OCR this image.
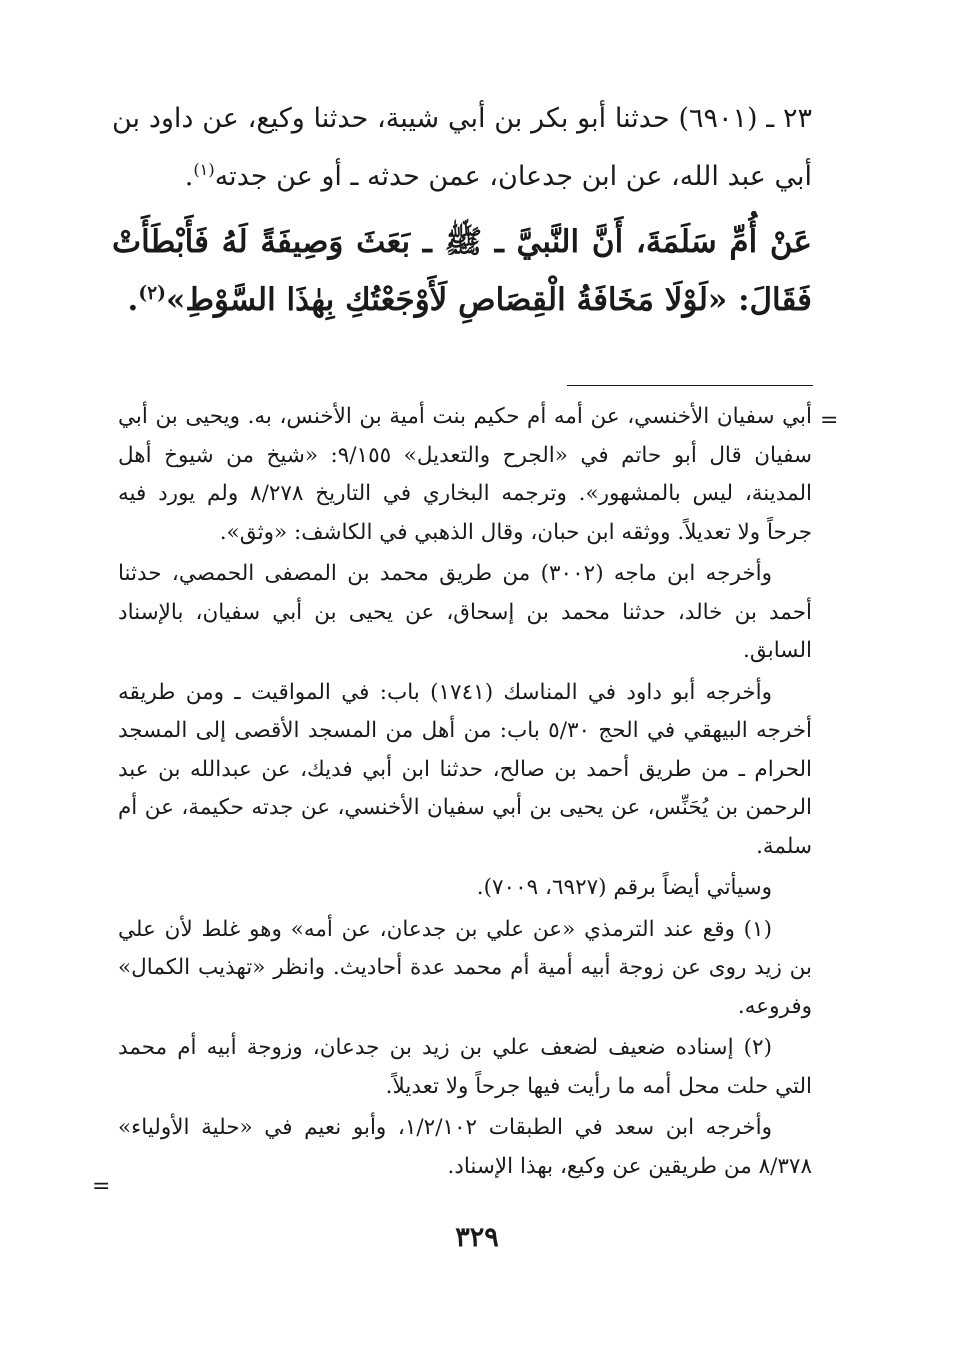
٢٣ ـ (٦٩٠١) حدثنا أبو بكر بن أبي شيبة، حدثنا وكيع، عن داود بن أبي عبد الله، عن ابن جدعان، عمن حدثه ـ أو عن جدته$^{(١)}$.

عَنْ أُمِّ سَلَمَةَ، أَنَّ النَّبيَّ ـ ﷺ ـ بَعَثَ وَصِيفَةً لَهُ فَأَبْطَأَتْ فَقَالَ: «لَوْلَا مَخَافَةُ الْقِصَاصِ لَأَوْجَعْتُكِ بِهٰذَا السَّوْطِ»$^{(٢)}$.

=

أبي سفيان الأخنسي، عن أمه أم حكيم بنت أمية بن الأخنس، به. ويحيى بن أبي سفيان قال أبو حاتم في «الجرح والتعديل» ٩/١٥٥: «شيخ من شيوخ أهل المدينة، ليس بالمشهور». وترجمه البخاري في التاريخ ٨/٢٧٨ ولم يورد فيه جرحاً ولا تعديلاً. ووثقه ابن حبان، وقال الذهبي في الكاشف: «وثق».

وأخرجه ابن ماجه (٣٠٠٢) من طريق محمد بن المصفى الحمصي، حدثنا أحمد بن خالد، حدثنا محمد بن إسحاق، عن يحيى بن أبي سفيان، بالإسناد السابق.

وأخرجه أبو داود في المناسك (١٧٤١) باب: في المواقيت ـ ومن طريقه أخرجه البيهقي في الحج ٥/٣٠ باب: من أهل من المسجد الأقصى إلى المسجد الحرام ـ من طريق أحمد بن صالح، حدثنا ابن أبي فديك، عن عبدالله بن عبد الرحمن بن يُحَنِّس، عن يحيى بن أبي سفيان الأخنسي، عن جدته حكيمة، عن أم سلمة.

وسيأتي أيضاً برقم (٦٩٢٧، ٧٠٠٩).

(١) وقع عند الترمذي «عن علي بن جدعان، عن أمه» وهو غلط لأن علي بن زيد روى عن زوجة أبيه أمية أم محمد عدة أحاديث. وانظر «تهذيب الكمال» وفروعه.

(٢) إسناده ضعيف لضعف علي بن زيد بن جدعان، وزوجة أبيه أم محمد التي حلت محل أمه ما رأيت فيها جرحاً ولا تعديلاً.

وأخرجه ابن سعد في الطبقات ١/٢/١٠٢، وأبو نعيم في «حلية الأولياء» ٨/٣٧٨ من طريقين عن وكيع، بهذا الإسناد.

=
٣٢٩
